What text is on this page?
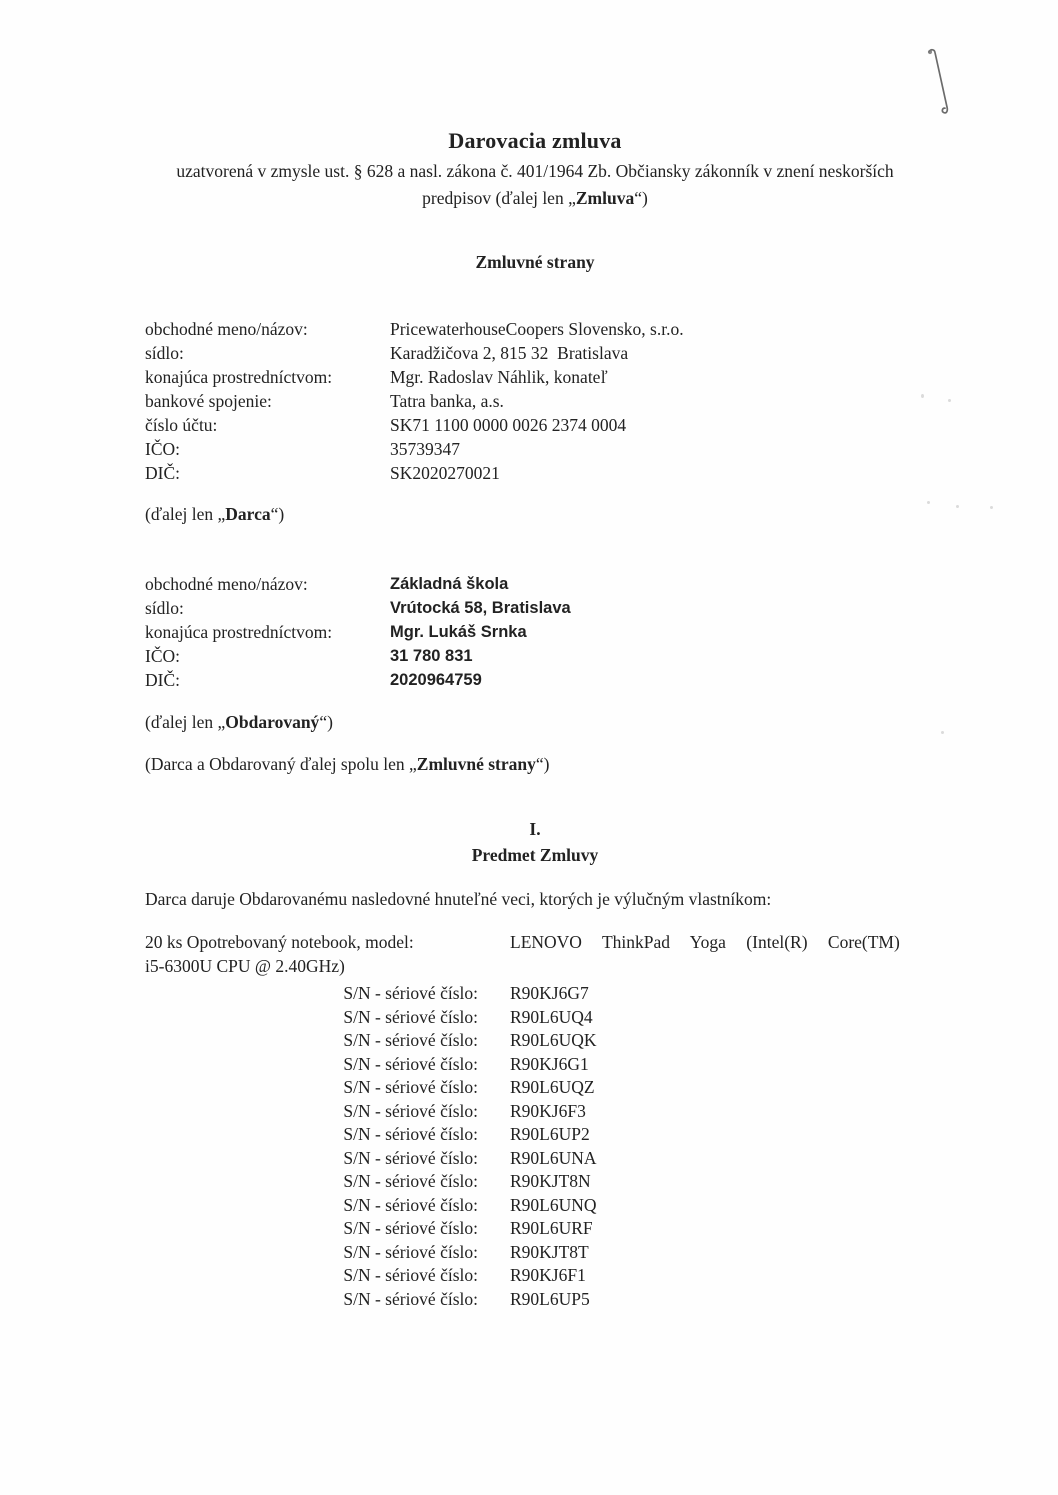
Darovacia zmluva
uzatvorená v zmysle ust. § 628 a nasl. zákona č. 401/1964 Zb. Občiansky zákonník v znení neskorších
predpisov (ďalej len „Zmluva“)
Zmluvné strany
obchodné meno/názov:	PricewaterhouseCoopers Slovensko, s.r.o.
sídlo:	Karadžičova 2, 815 32  Bratislava
konajúca prostredníctvom:	Mgr. Radoslav Náhlik, konateľ
bankové spojenie:	Tatra banka, a.s.
číslo účtu:	SK71 1100 0000 0026 2374 0004
IČO:	35739347
DIČ:	SK2020270021
(ďalej len „Darca“)
obchodné meno/názov:	Základná škola
sídlo:	Vrútocká 58, Bratislava
konajúca prostredníctvom:	Mgr. Lukáš Srnka
IČO:	31 780 831
DIČ:	2020964759
(ďalej len „Obdarovaný“)
(Darca a Obdarovaný ďalej spolu len „Zmluvné strany“)
I.
Predmet Zmluvy
Darca daruje Obdarovanému nasledovné hnuteľné veci, ktorých je výlučným vlastníkom:
20 ks Opotrebovaný notebook, model:	LENOVO ThinkPad Yoga (Intel(R) Core(TM)
i5-6300U CPU @ 2.40GHz)
S/N - sériové číslo: R90KJ6G7
S/N - sériové číslo: R90L6UQ4
S/N - sériové číslo: R90L6UQK
S/N - sériové číslo: R90KJ6G1
S/N - sériové číslo: R90L6UQZ
S/N - sériové číslo: R90KJ6F3
S/N - sériové číslo: R90L6UP2
S/N - sériové číslo: R90L6UNA
S/N - sériové číslo: R90KJT8N
S/N - sériové číslo: R90L6UNQ
S/N - sériové číslo: R90L6URF
S/N - sériové číslo: R90KJT8T
S/N - sériové číslo: R90KJ6F1
S/N - sériové číslo: R90L6UP5
